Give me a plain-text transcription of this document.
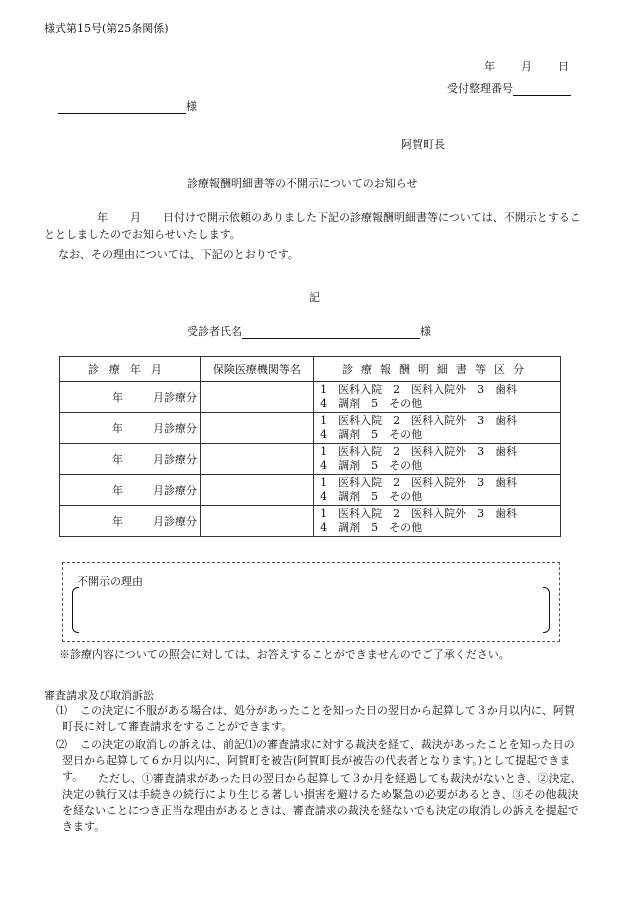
様式第15号(第25条関係)
年 月 日
受付整理番号
様
阿賀町長
診療報酬明細書等の不開示についてのお知らせ
年　　月　　日付けで開示依頼のありました下記の診療報酬明細書等については、不開示とすることとしましたのでお知らせいたします。
なお、その理由については、下記のとおりです。
記
受診者氏名	様
診療年月	保険医療機関等名	診療報酬明細書等区分
年 月診療分		1　医科入院　2　医科入院外　3　歯科
4　調剤　5　その他

年 月診療分		1　医科入院　2　医科入院外　3　歯科
4　調剤　5　その他

年 月診療分		1　医科入院　2　医科入院外　3　歯科
4　調剤　5　その他

年 月診療分		1　医科入院　2　医科入院外　3　歯科
4　調剤　5　その他

年 月診療分		1　医科入院　2　医科入院外　3　歯科
4　調剤　5　その他
不開示の理由
※診療内容についての照会に対しては、お答えすることができませんのでご了承ください。
審査請求及び取消訴訟
⑴	この決定に不服がある場合は、処分があったことを知った日の翌日から起算して３か月以内に、阿賀町長に対して審査請求をすることができます。
⑵	この決定の取消しの訴えは、前記⑴の審査請求に対する裁決を経て、裁決があったことを知った日の翌日から起算して６か月以内に、阿賀町を被告(阿賀町長が被告の代表者となります。)として提起できます。	ただし、①審査請求があった日の翌日から起算して３か月を経過しても裁決がないとき、②決定、決定の執行又は手続きの続行により生じる著しい損害を避けるため緊急の必要があるとき、③その他裁決を経ないことにつき正当な理由があるときは、審査請求の裁決を経ないでも決定の取消しの訴えを提起できます。
